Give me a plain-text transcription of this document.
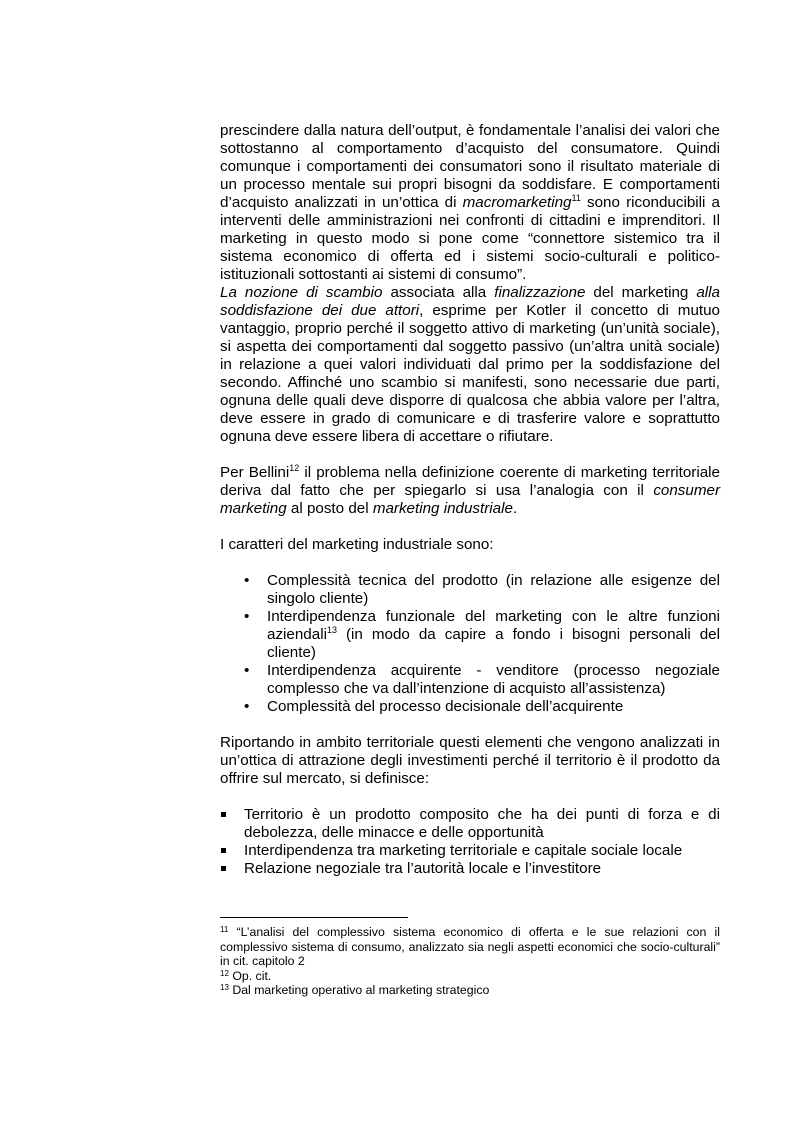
prescindere dalla natura dell’output, è fondamentale l’analisi dei valori che sottostanno al comportamento d’acquisto del consumatore. Quindi comunque i comportamenti dei consumatori sono il risultato materiale di un processo mentale sui propri bisogni da soddisfare. E comportamenti d’acquisto analizzati in un’ottica di macromarketing$^{11}$ sono riconducibili a interventi delle amministrazioni nei confronti di cittadini e imprenditori. Il marketing in questo modo si pone come “connettore sistemico tra il sistema economico di offerta ed i sistemi socio-culturali e politico-istituzionali sottostanti ai sistemi di consumo”.

La nozione di scambio associata alla finalizzazione del marketing alla soddisfazione dei due attori, esprime per Kotler il concetto di mutuo vantaggio, proprio perché il soggetto attivo di marketing (un’unità sociale), si aspetta dei comportamenti dal soggetto passivo (un’altra unità sociale) in relazione a quei valori individuati dal primo per la soddisfazione del secondo. Affinché uno scambio si manifesti, sono necessarie due parti, ognuna delle quali deve disporre di qualcosa che abbia valore per l’altra, deve essere in grado di comunicare e di trasferire valore e soprattutto ognuna deve essere libera di accettare o rifiutare.

Per Bellini$^{12}$ il problema nella definizione coerente di marketing territoriale deriva dal fatto che per spiegarlo si usa l’analogia con il consumer marketing al posto del marketing industriale.

I caratteri del marketing industriale sono:

• Complessità tecnica del prodotto (in relazione alle esigenze del singolo cliente)
• Interdipendenza funzionale del marketing con le altre funzioni aziendali$^{13}$ (in modo da capire a fondo i bisogni personali del cliente)
• Interdipendenza acquirente - venditore (processo negoziale complesso che va dall’intenzione di acquisto all’assistenza)
• Complessità del processo decisionale dell’acquirente

Riportando in ambito territoriale questi elementi che vengono analizzati in un’ottica di attrazione degli investimenti perché il territorio è il prodotto da offrire sul mercato, si definisce:

Territorio è un prodotto composito che ha dei punti di forza e di debolezza, delle minacce e delle opportunità
Interdipendenza tra marketing territoriale e capitale sociale locale
Relazione negoziale tra l’autorità locale e l’investitore

$^{11}$ “L’analisi del complessivo sistema economico di offerta e le sue relazioni con il complessivo sistema di consumo, analizzato sia negli aspetti economici che socio-culturali” in cit. capitolo 2

$^{12}$ Op. cit.

$^{13}$ Dal marketing operativo al marketing strategico
